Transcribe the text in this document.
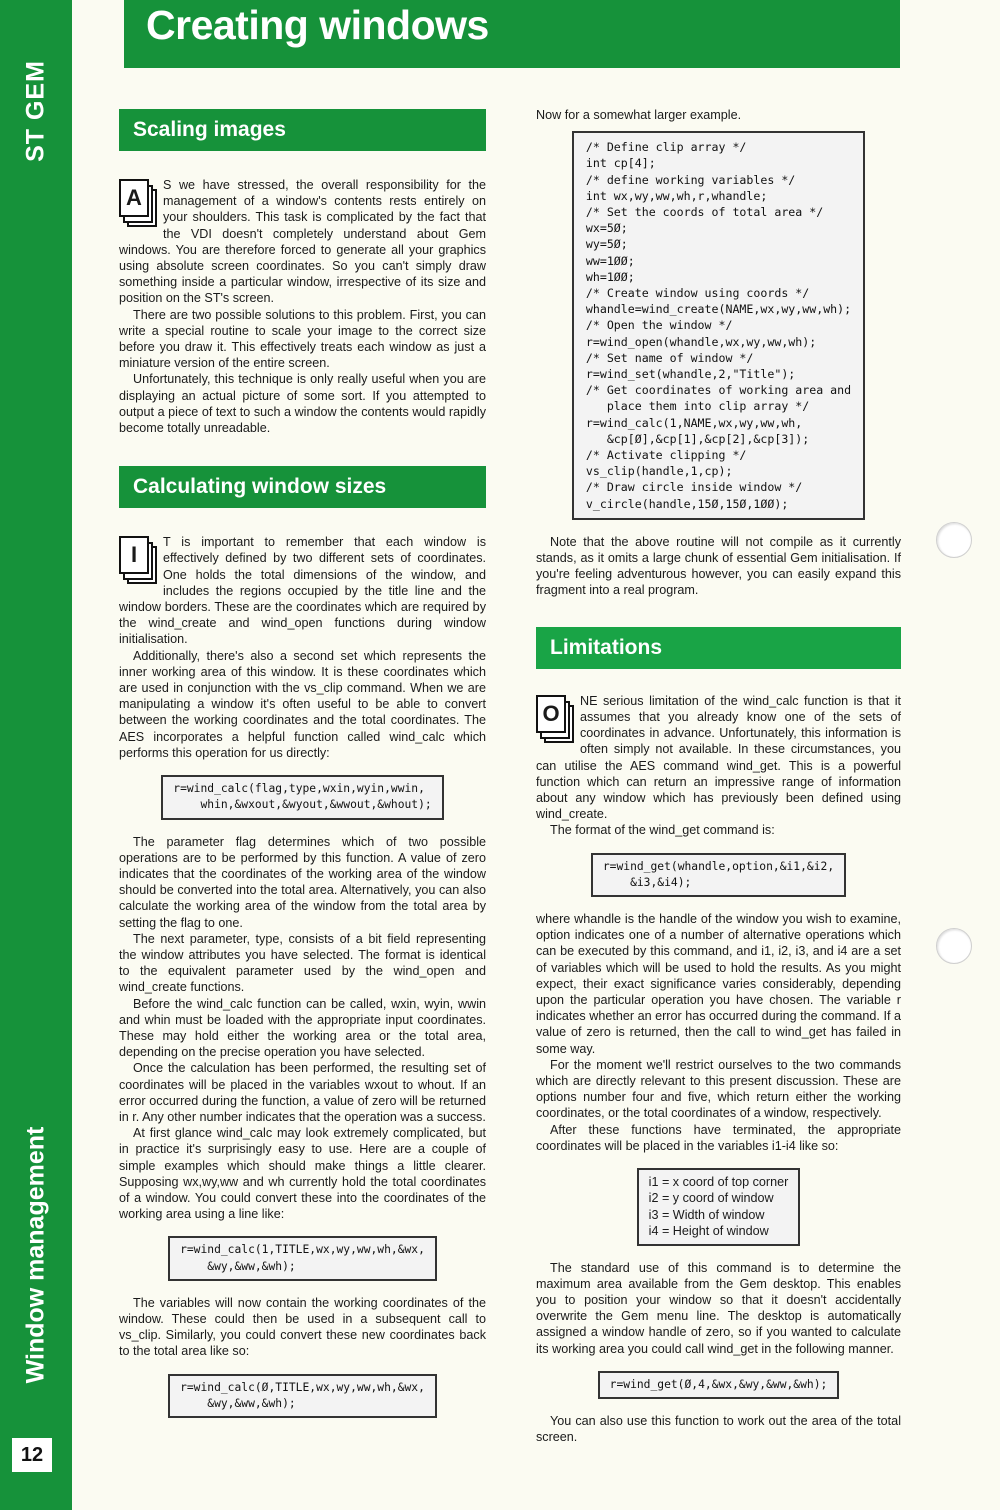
ST GEM
Window management
12
Creating windows
Scaling images
A	S we have stressed, the overall responsibility for the management of a window's contents rests entirely on your shoulders. This task is complicated by the fact that the VDI doesn't completely understand about Gem windows. You are therefore forced to generate all your graphics using absolute screen coordinates. So you can't simply draw something inside a particular window, irrespective of its size and position on the ST's screen.

There are two possible solutions to this problem. First, you can write a special routine to scale your image to the correct size before you draw it. This effectively treats each window as just a miniature version of the entire screen.

Unfortunately, this technique is only really useful when you are displaying an actual picture of some sort. If you attempted to output a piece of text to such a window the contents would rapidly become totally unreadable.

Calculating window sizes
I	T is important to remember that each window is effectively defined by two different sets of coordinates. One holds the total dimensions of the window, and includes the regions occupied by the title line and the window borders. These are the coordinates which are required by the wind_create and wind_open functions during window initialisation.

Additionally, there's also a second set which represents the inner working area of this window. It is these coordinates which are used in conjunction with the vs_clip command. When we are manipulating a window it's often useful to be able to convert between the working coordinates and the total coordinates. The AES incorporates a helpful function called wind_calc which performs this operation for us directly:

r=wind_calc(flag,type,wxin,wyin,wwin,
whin,&wxout,&wyout,&wwout,&whout);

The parameter flag determines which of two possible operations are to be performed by this function. A value of zero indicates that the coordinates of the working area of the window should be converted into the total area. Alternatively, you can also calculate the working area of the window from the total area by setting the flag to one.

The next parameter, type, consists of a bit field representing the window attributes you have selected. The format is identical to the equivalent parameter used by the wind_open and wind_create functions.

Before the wind_calc function can be called, wxin, wyin, wwin and whin must be loaded with the appropriate input coordinates. These may hold either the working area or the total area, depending on the precise operation you have selected.

Once the calculation has been performed, the resulting set of coordinates will be placed in the variables wxout to whout. If an error occurred during the function, a value of zero will be returned in r. Any other number indicates that the operation was a success.

At first glance wind_calc may look extremely complicated, but in practice it's surprisingly easy to use. Here are a couple of simple examples which should make things a little clearer. Supposing wx,wy,ww and wh currently hold the total coordinates of a window. You could convert these into the coordinates of the working area using a line like:

r=wind_calc(1,TITLE,wx,wy,ww,wh,&wx,
&wy,&ww,&wh);

The variables will now contain the working coordinates of the window. These could then be used in a subsequent call to vs_clip. Similarly, you could convert these new coordinates back to the total area like so:

r=wind_calc(Ø,TITLE,wx,wy,ww,wh,&wx,
&wy,&ww,&wh);

Now for a somewhat larger example.

/* Define clip array */
int cp[4];
/* define working variables */
int wx,wy,ww,wh,r,whandle;
/* Set the coords of total area */
wx=5Ø;
wy=5Ø;
ww=1ØØ;
wh=1ØØ;
/* Create window using coords */
whandle=wind_create(NAME,wx,wy,ww,wh);
/* Open the window */
r=wind_open(whandle,wx,wy,ww,wh);
/* Set name of window */
r=wind_set(whandle,2,"Title");
/* Get coordinates of working area and
place them into clip array */
r=wind_calc(1,NAME,wx,wy,ww,wh,
&cp[Ø],&cp[1],&cp[2],&cp[3]);
/* Activate clipping */
vs_clip(handle,1,cp);
/* Draw circle inside window */
v_circle(handle,15Ø,15Ø,1ØØ);

Note that the above routine will not compile as it currently stands, as it omits a large chunk of essential Gem initialisation. If you're feeling adventurous however, you can easily expand this fragment into a real program.

Limitations
O	NE serious limitation of the wind_calc function is that it assumes that you already know one of the sets of coordinates in advance. Unfortunately, this information is often simply not available. In these circumstances, you can utilise the AES command wind_get. This is a powerful function which can return an impressive range of information about any window which has previously been defined using wind_create.

The format of the wind_get command is:

r=wind_get(whandle,option,&i1,&i2,
&i3,&i4);

where whandle is the handle of the window you wish to examine, option indicates one of a number of alternative operations which can be executed by this command, and i1, i2, i3, and i4 are a set of variables which will be used to hold the results. As you might expect, their exact significance varies considerably, depending upon the particular operation you have chosen. The variable r indicates whether an error has occurred during the command. If a value of zero is returned, then the call to wind_get has failed in some way.

For the moment we'll restrict ourselves to the two commands which are directly relevant to this present discussion. These are options number four and five, which return either the working coordinates, or the total coordinates of a window, respectively.

After these functions have terminated, the appropriate coordinates will be placed in the variables i1-i4 like so:

i1 = x coord of top corner
i2 = y coord of window
i3 = Width of window
i4 = Height of window

The standard use of this command is to determine the maximum area available from the Gem desktop. This enables you to position your window so that it doesn't accidentally overwrite the Gem menu line. The desktop is automatically assigned a window handle of zero, so if you wanted to calculate its working area you could call wind_get in the following manner.

r=wind_get(Ø,4,&wx,&wy,&ww,&wh);

You can also use this function to work out the area of the total screen.
